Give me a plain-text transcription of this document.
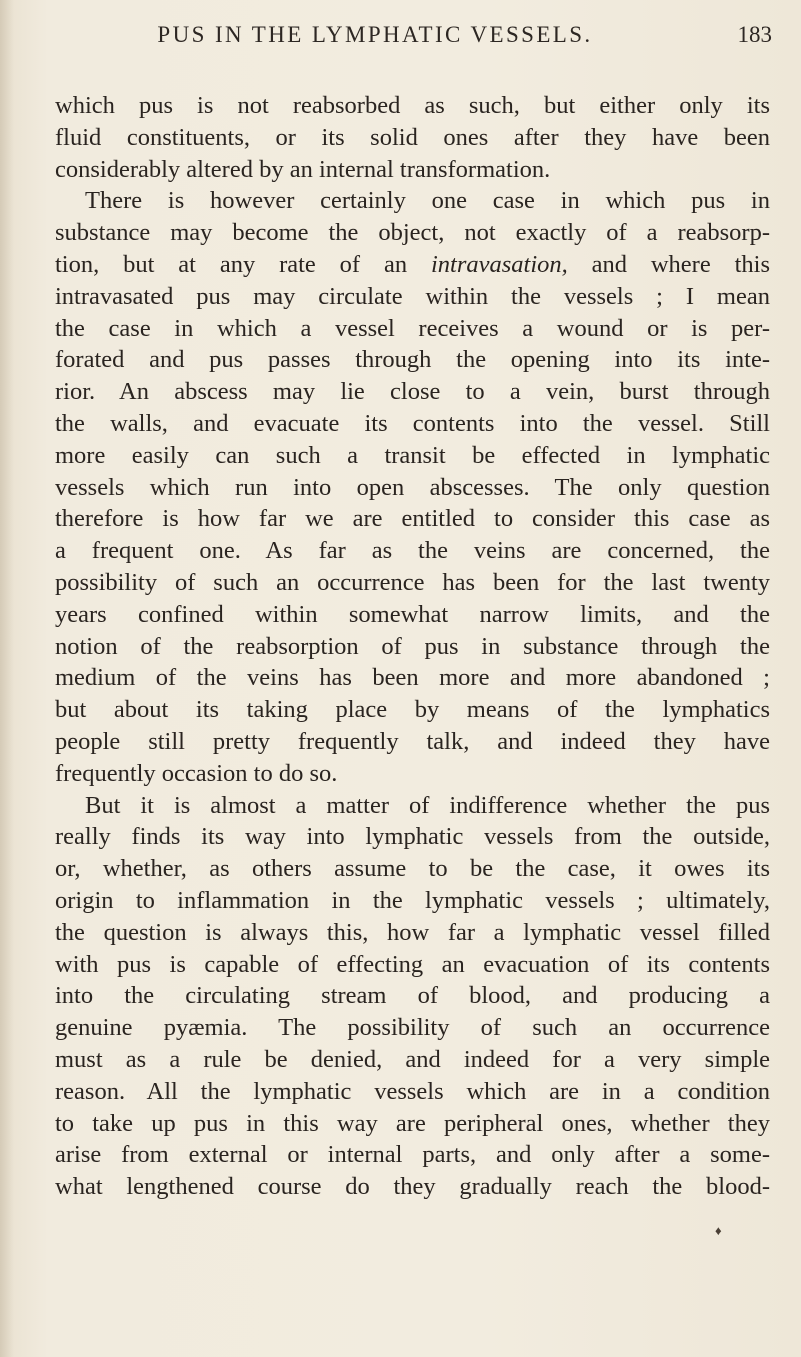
PUS IN THE LYMPHATIC VESSELS.	183
which pus is not reabsorbed as such, but either only its
fluid constituents, or its solid ones after they have been
considerably altered by an internal transformation.
There is however certainly one case in which pus in
substance may become the object, not exactly of a reabsorp-
tion, but at any rate of an intravasation, and where this
intravasated pus may circulate within the vessels ; I mean
the case in which a vessel receives a wound or is per-
forated and pus passes through the opening into its inte-
rior. An abscess may lie close to a vein, burst through
the walls, and evacuate its contents into the vessel. Still
more easily can such a transit be effected in lymphatic
vessels which run into open abscesses. The only question
therefore is how far we are entitled to consider this case as
a frequent one. As far as the veins are concerned, the
possibility of such an occurrence has been for the last twenty
years confined within somewhat narrow limits, and the
notion of the reabsorption of pus in substance through the
medium of the veins has been more and more abandoned ;
but about its taking place by means of the lymphatics
people still pretty frequently talk, and indeed they have
frequently occasion to do so.
But it is almost a matter of indifference whether the pus
really finds its way into lymphatic vessels from the outside,
or, whether, as others assume to be the case, it owes its
origin to inflammation in the lymphatic vessels ; ultimately,
the question is always this, how far a lymphatic vessel filled
with pus is capable of effecting an evacuation of its contents
into the circulating stream of blood, and producing a
genuine pyæmia. The possibility of such an occurrence
must as a rule be denied, and indeed for a very simple
reason. All the lymphatic vessels which are in a condition
to take up pus in this way are peripheral ones, whether they
arise from external or internal parts, and only after a some-
what lengthened course do they gradually reach the blood-
♦
